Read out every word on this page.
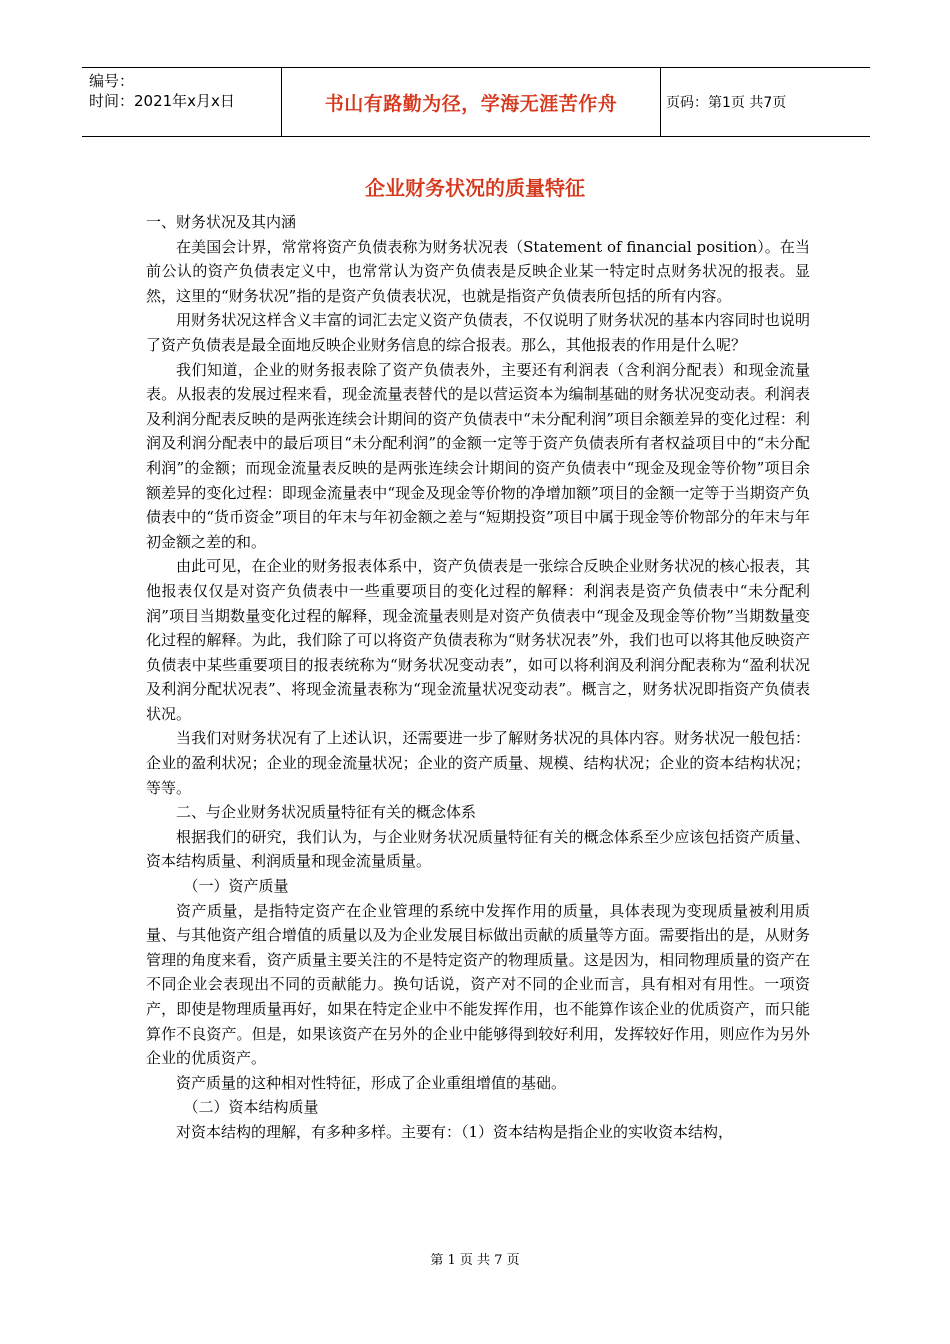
编号：
时间：2021年x月x日	书山有路勤为径，学海无涯苦作舟	页码：第1页 共7页
企业财务状况的质量特征

一、财务状况及其内涵

在美国会计界，常常将资产负债表称为财务状况表（Statement of financial position）。在当前公认的资产负债表定义中，也常常认为资产负债表是反映企业某一特定时点财务状况的报表。显然，这里的“财务状况”指的是资产负债表状况，也就是指资产负债表所包括的所有内容。

用财务状况这样含义丰富的词汇去定义资产负债表，不仅说明了财务状况的基本内容同时也说明了资产负债表是最全面地反映企业财务信息的综合报表。那么，其他报表的作用是什么呢？

我们知道，企业的财务报表除了资产负债表外，主要还有利润表（含利润分配表）和现金流量表。从报表的发展过程来看，现金流量表替代的是以营运资本为编制基础的财务状况变动表。利润表及利润分配表反映的是两张连续会计期间的资产负债表中“未分配利润”项目余额差异的变化过程：利润及利润分配表中的最后项目“未分配利润”的金额一定等于资产负债表所有者权益项目中的“未分配利润”的金额；而现金流量表反映的是两张连续会计期间的资产负债表中“现金及现金等价物”项目余额差异的变化过程：即现金流量表中“现金及现金等价物的净增加额”项目的金额一定等于当期资产负债表中的“货币资金”项目的年末与年初金额之差与“短期投资”项目中属于现金等价物部分的年末与年初金额之差的和。

由此可见，在企业的财务报表体系中，资产负债表是一张综合反映企业财务状况的核心报表，其他报表仅仅是对资产负债表中一些重要项目的变化过程的解释：利润表是资产负债表中“未分配利润”项目当期数量变化过程的解释，现金流量表则是对资产负债表中“现金及现金等价物”当期数量变化过程的解释。为此，我们除了可以将资产负债表称为“财务状况表”外，我们也可以将其他反映资产负债表中某些重要项目的报表统称为“财务状况变动表”，如可以将利润及利润分配表称为“盈利状况及利润分配状况表”、将现金流量表称为“现金流量状况变动表”。概言之，财务状况即指资产负债表状况。

当我们对财务状况有了上述认识，还需要进一步了解财务状况的具体内容。财务状况一般包括：企业的盈利状况；企业的现金流量状况；企业的资产质量、规模、结构状况；企业的资本结构状况；等等。

二、与企业财务状况质量特征有关的概念体系

根据我们的研究，我们认为，与企业财务状况质量特征有关的概念体系至少应该包括资产质量、资本结构质量、利润质量和现金流量质量。

（一）资产质量

资产质量，是指特定资产在企业管理的系统中发挥作用的质量，具体表现为变现质量被利用质量、与其他资产组合增值的质量以及为企业发展目标做出贡献的质量等方面。需要指出的是，从财务管理的角度来看，资产质量主要关注的不是特定资产的物理质量。这是因为，相同物理质量的资产在不同企业会表现出不同的贡献能力。换句话说，资产对不同的企业而言，具有相对有用性。一项资产，即使是物理质量再好，如果在特定企业中不能发挥作用，也不能算作该企业的优质资产，而只能算作不良资产。但是，如果该资产在另外的企业中能够得到较好利用，发挥较好作用，则应作为另外企业的优质资产。

资产质量的这种相对性特征，形成了企业重组增值的基础。

（二）资本结构质量

对资本结构的理解，有多种多样。主要有：（1）资本结构是指企业的实收资本结构，

第 1 页 共 7 页
